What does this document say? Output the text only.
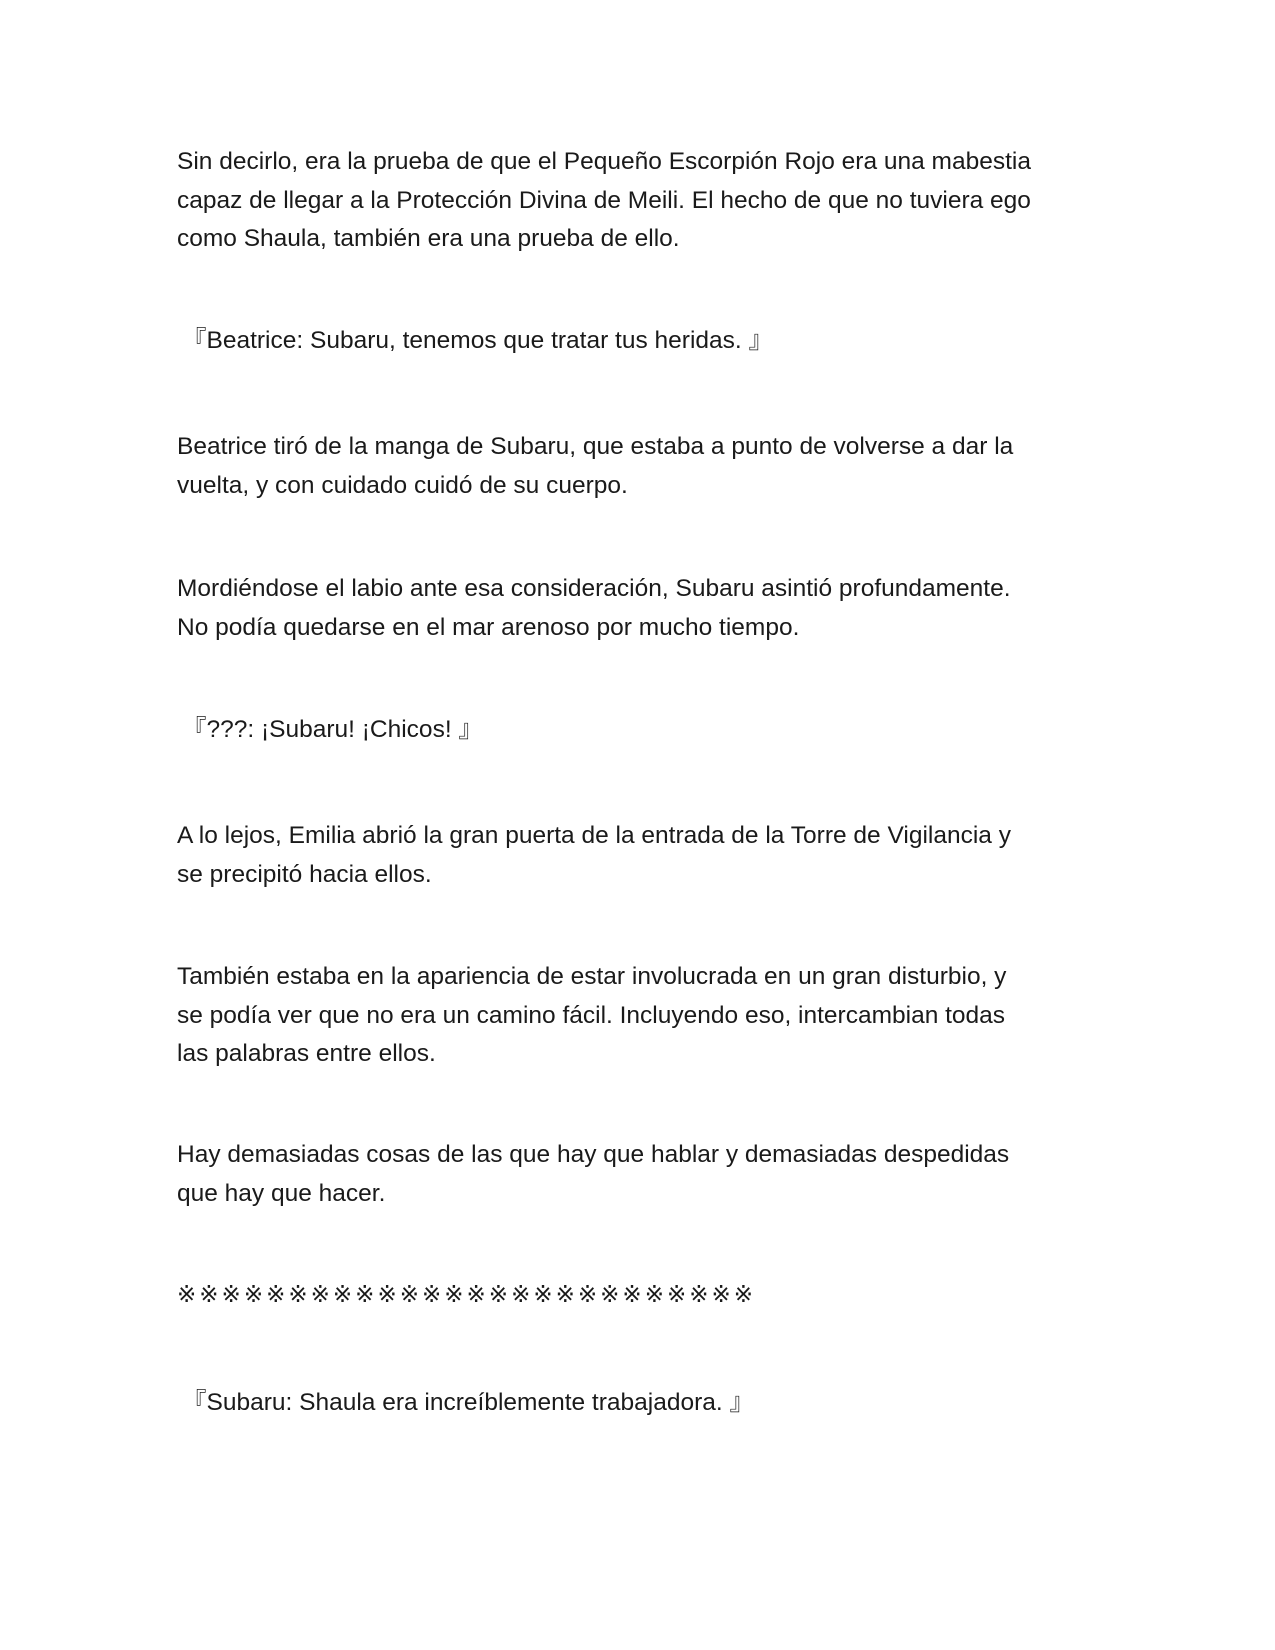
Sin decirlo, era la prueba de que el Pequeño Escorpión Rojo era una mabestia
capaz de llegar a la Protección Divina de Meili. El hecho de que no tuviera ego
como Shaula, también era una prueba de ello.

『Beatrice: Subaru, tenemos que tratar tus heridas. 』

Beatrice tiró de la manga de Subaru, que estaba a punto de volverse a dar la
vuelta, y con cuidado cuidó de su cuerpo.

Mordiéndose el labio ante esa consideración, Subaru asintió profundamente.
No podía quedarse en el mar arenoso por mucho tiempo.

『???: ¡Subaru! ¡Chicos! 』

A lo lejos, Emilia abrió la gran puerta de la entrada de la Torre de Vigilancia y
se precipitó hacia ellos.

También estaba en la apariencia de estar involucrada en un gran disturbio, y
se podía ver que no era un camino fácil. Incluyendo eso, intercambian todas
las palabras entre ellos.

Hay demasiadas cosas de las que hay que hablar y demasiadas despedidas
que hay que hacer.

※※※※※※※※※※※※※※※※※※※※※※※※※※

『Subaru: Shaula era increíblemente trabajadora. 』
